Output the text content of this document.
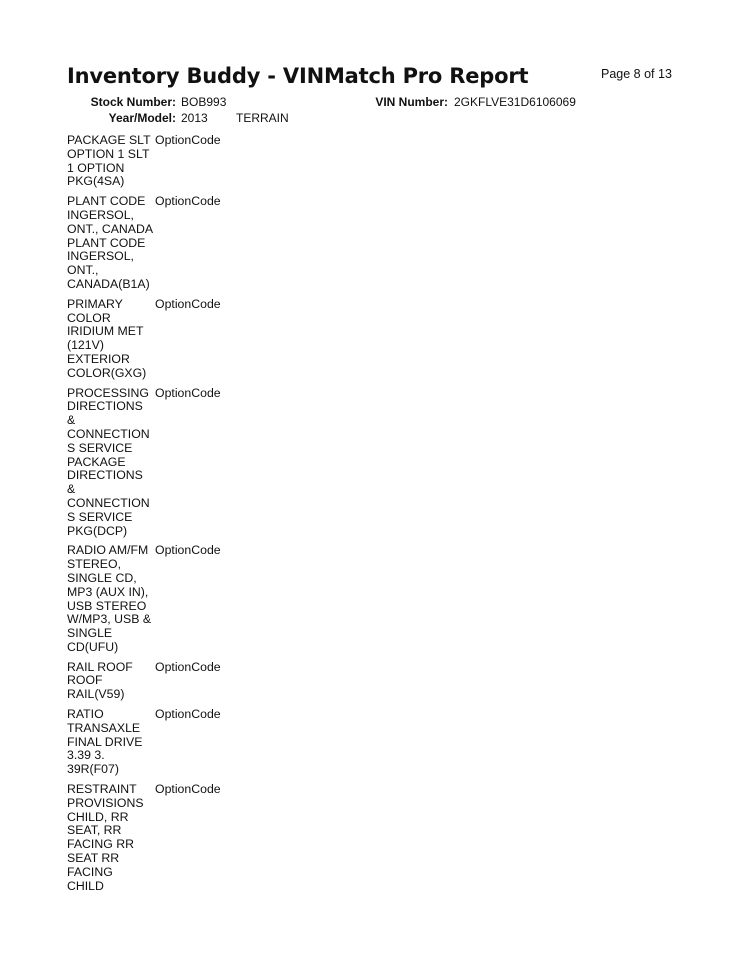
Inventory Buddy - VINMatch Pro Report	Page 8 of 13
Stock Number: BOB993	VIN Number: 2GKFLVE31D6106069
Year/Model: 2013 TERRAIN
PACKAGE SLT
OPTION 1 SLT
1 OPTION
PKG(4SA)
OptionCode
PLANT CODE
INGERSOL,
ONT., CANADA
PLANT CODE
INGERSOL,
ONT.,
CANADA(B1A)
OptionCode
PRIMARY
COLOR
IRIDIUM MET
(121V)
EXTERIOR
COLOR(GXG)
OptionCode
PROCESSING
DIRECTIONS
&
CONNECTION
S SERVICE
PACKAGE
DIRECTIONS
&
CONNECTION
S SERVICE
PKG(DCP)
OptionCode
RADIO AM/FM
STEREO,
SINGLE CD,
MP3 (AUX IN),
USB STEREO
W/MP3, USB &
SINGLE
CD(UFU)
OptionCode
RAIL ROOF
ROOF
RAIL(V59)
OptionCode
RATIO
TRANSAXLE
FINAL DRIVE
3.39 3.
39R(F07)
OptionCode
RESTRAINT
PROVISIONS
CHILD, RR
SEAT, RR
FACING RR
SEAT RR
FACING
CHILD
OptionCode
